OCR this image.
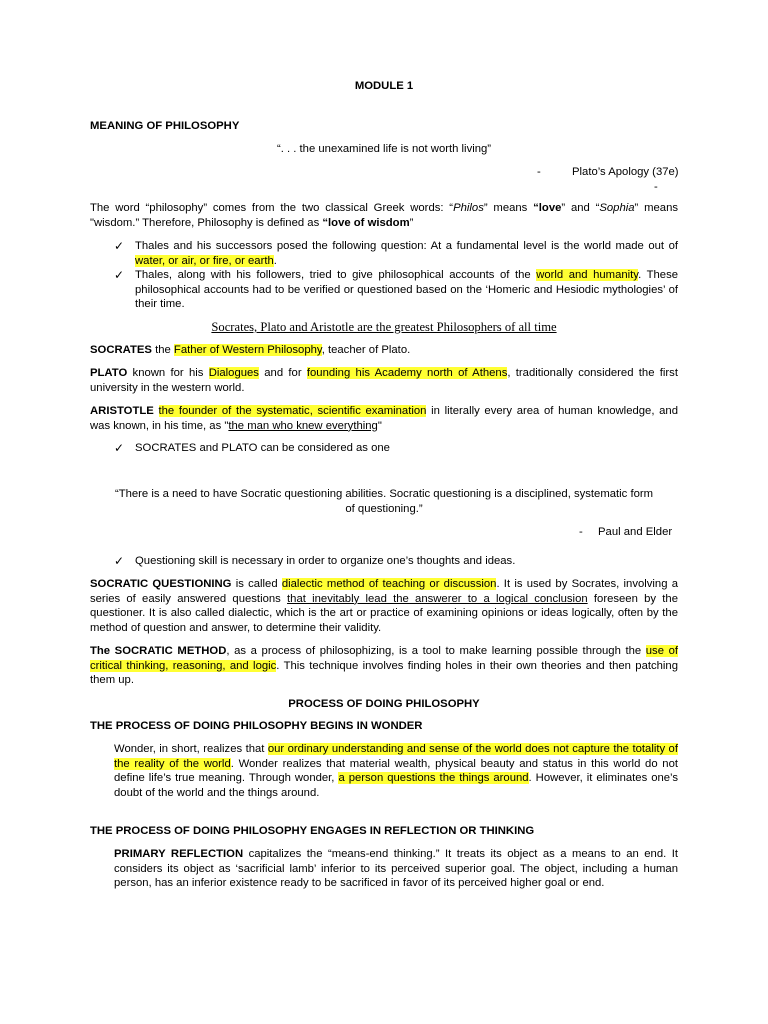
MODULE 1
MEANING OF PHILOSOPHY
“. . . the unexamined life is not worth living”
-	Plato’s Apology (37e)
-
The word “philosophy” comes from the two classical Greek words: “Philos” means “love” and “Sophia” means "wisdom.” Therefore, Philosophy is defined as “love of wisdom”
✓ Thales and his successors posed the following question: At a fundamental level is the world made out of water, or air, or fire, or earth.
✓ Thales, along with his followers, tried to give philosophical accounts of the world and humanity. These philosophical accounts had to be verified or questioned based on the ‘Homeric and Hesiodic mythologies’ of their time.
Socrates, Plato and Aristotle are the greatest Philosophers of all time
SOCRATES the Father of Western Philosophy, teacher of Plato.
PLATO known for his Dialogues and for founding his Academy north of Athens, traditionally considered the first university in the western world.
ARISTOTLE the founder of the systematic, scientific examination in literally every area of human knowledge, and was known, in his time, as "the man who knew everything"
✓ SOCRATES and PLATO can be considered as one
“There is a need to have Socratic questioning abilities. Socratic questioning is a disciplined, systematic form of questioning.”
- Paul and Elder
✓ Questioning skill is necessary in order to organize one’s thoughts and ideas.
SOCRATIC QUESTIONING is called dialectic method of teaching or discussion. It is used by Socrates, involving a series of easily answered questions that inevitably lead the answerer to a logical conclusion foreseen by the questioner. It is also called dialectic, which is the art or practice of examining opinions or ideas logically, often by the method of question and answer, to determine their validity.
The SOCRATIC METHOD, as a process of philosophizing, is a tool to make learning possible through the use of critical thinking, reasoning, and logic. This technique involves finding holes in their own theories and then patching them up.
PROCESS OF DOING PHILOSOPHY
THE PROCESS OF DOING PHILOSOPHY BEGINS IN WONDER
Wonder, in short, realizes that our ordinary understanding and sense of the world does not capture the totality of the reality of the world. Wonder realizes that material wealth, physical beauty and status in this world do not define life’s true meaning. Through wonder, a person questions the things around. However, it eliminates one’s doubt of the world and the things around.
THE PROCESS OF DOING PHILOSOPHY ENGAGES IN REFLECTION OR THINKING
PRIMARY REFLECTION capitalizes the “means-end thinking.” It treats its object as a means to an end. It considers its object as ‘sacrificial lamb’ inferior to its perceived superior goal. The object, including a human person, has an inferior existence ready to be sacrificed in favor of its perceived higher goal or end.
